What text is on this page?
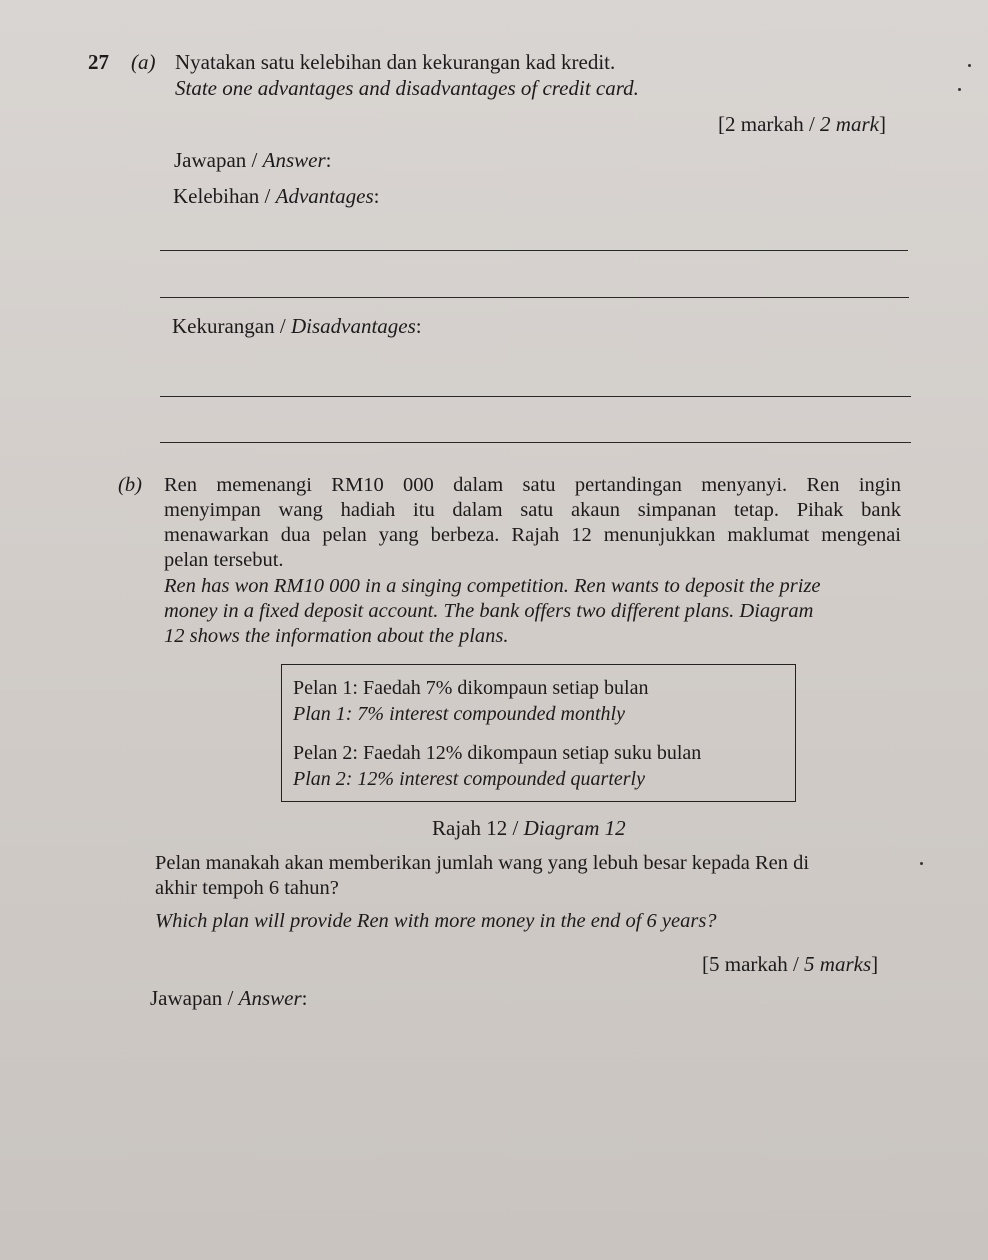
27 (a) Nyatakan satu kelebihan dan kekurangan kad kredit.
State one advantages and disadvantages of credit card.
[2 markah / 2 mark]
Jawapan / Answer:
Kelebihan / Advantages:
Kekurangan / Disadvantages:
(b) Ren memenangi RM10 000 dalam satu pertandingan menyanyi. Ren ingin
menyimpan wang hadiah itu dalam satu akaun simpanan tetap. Pihak bank
menawarkan dua pelan yang berbeza. Rajah 12 menunjukkan maklumat mengenai
pelan tersebut.
Ren has won RM10 000 in a singing competition. Ren wants to deposit the prize
money in a fixed deposit account. The bank offers two different plans. Diagram
12 shows the information about the plans.
Pelan 1: Faedah 7% dikompaun setiap bulan
Plan 1: 7% interest compounded monthly
Pelan 2: Faedah 12% dikompaun setiap suku bulan
Plan 2: 12% interest compounded quarterly
Rajah 12 / Diagram 12
Pelan manakah akan memberikan jumlah wang yang lebuh besar kepada Ren di
akhir tempoh 6 tahun?
Which plan will provide Ren with more money in the end of 6 years?
[5 markah / 5 marks]
Jawapan / Answer:
